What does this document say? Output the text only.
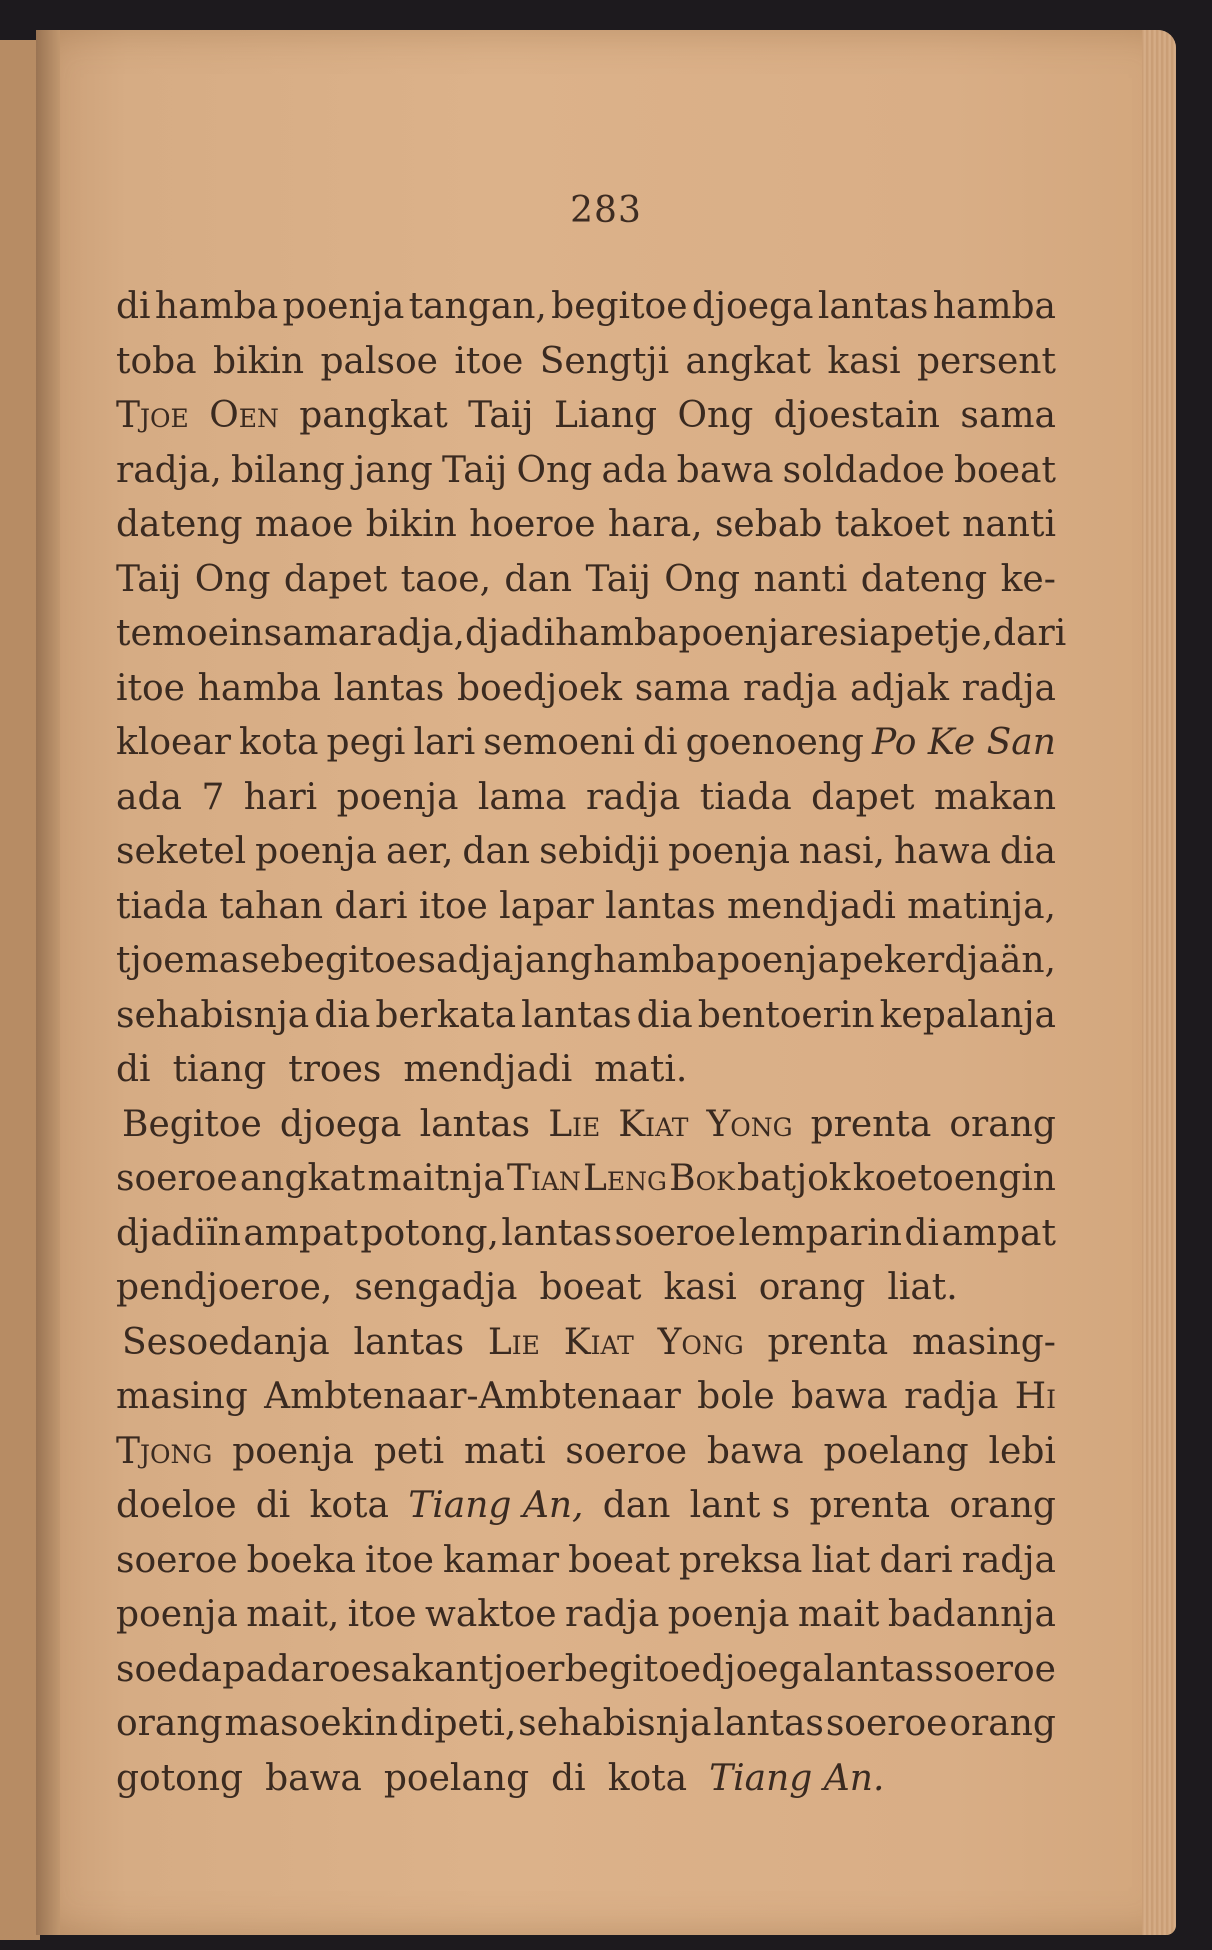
283
di hamba poenja tangan, begitoe djoega lantas hamba
toba bikin palsoe itoe Sengtji angkat kasi persent
Tjoe Oen pangkat Taij Liang Ong djoestain sama
radja, bilang jang Taij Ong ada bawa soldadoe boeat
dateng maoe bikin hoeroe hara, sebab takoet nanti
Taij Ong dapet taoe, dan Taij Ong nanti dateng ke-
temoein sama radja, djadi hamba poenja resia petje, dari
itoe hamba lantas boedjoek sama radja adjak radja
kloear kota pegi lari semoeni di goenoeng Po Ke San
ada 7 hari poenja lama radja tiada dapet makan
seketel poenja aer, dan sebidji poenja nasi, hawa dia
tiada tahan dari itoe lapar lantas mendjadi matinja,
tjoema sebegitoe sadja jang hamba poenja pekerdjaän,
sehabisnja dia berkata lantas dia bentoerin kepalanja
di tiang troes mendjadi mati.
Begitoe djoega lantas Lie Kiat Yong prenta orang
soeroe angkat maitnja Tian Leng Bok batjok koetoengin
djadiïn ampat potong, lantas soeroe lemparin di ampat
pendjoeroe, sengadja boeat kasi orang liat.
Sesoedanja lantas Lie Kiat Yong prenta masing-
masing Ambtenaar-Ambtenaar bole bawa radja Hi
Tjong poenja peti mati soeroe bawa poelang lebi
doeloe di kota Tiang An, dan lant s prenta orang
soeroe boeka itoe kamar boeat preksa liat dari radja
poenja mait, itoe waktoe radja poenja mait badannja
soeda pada roesak antjoer begitoe djoega lantas soeroe
orang masoekin dipeti, sehabisnja lantas soeroe orang
gotong bawa poelang di kota Tiang An.
